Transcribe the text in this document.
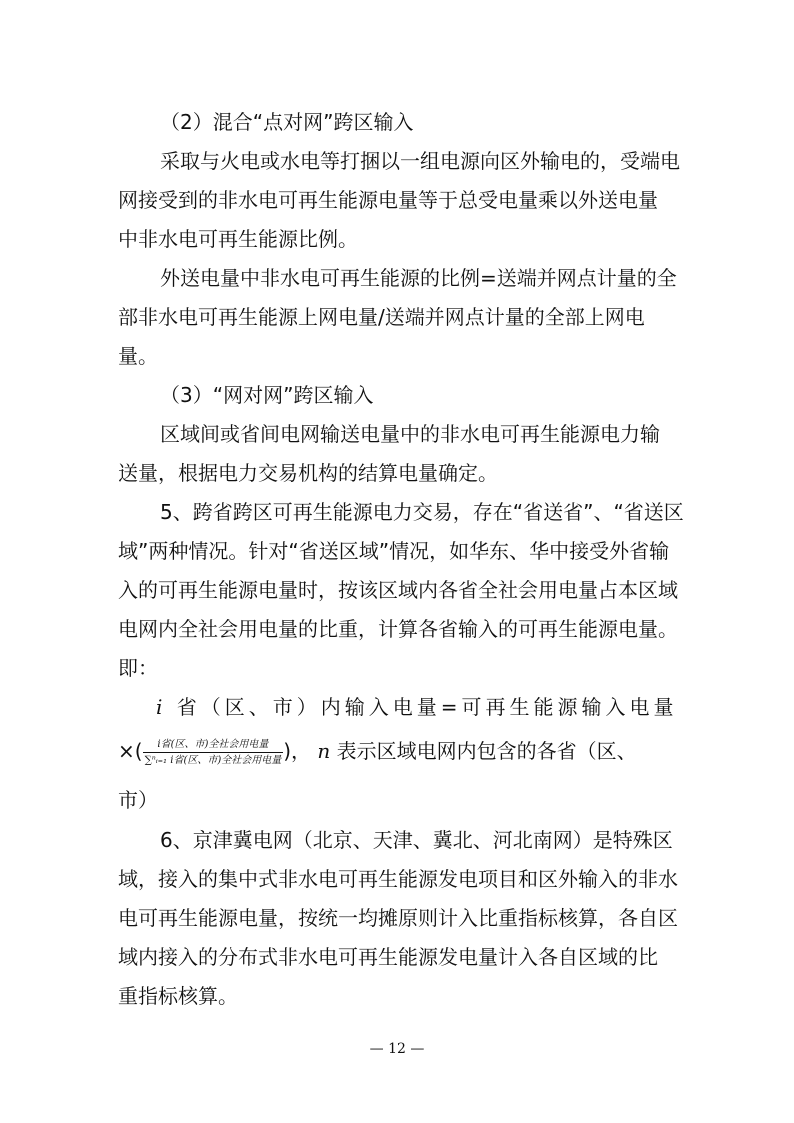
（2）混合“点对网”跨区输入
采取与火电或水电等打捆以一组电源向区外输电的，受端电
网接受到的非水电可再生能源电量等于总受电量乘以外送电量
中非水电可再生能源比例。
外送电量中非水电可再生能源的比例=送端并网点计量的全
部非水电可再生能源上网电量/送端并网点计量的全部上网电
量。
（3）“网对网”跨区输入
区域间或省间电网输送电量中的非水电可再生能源电力输
送量，根据电力交易机构的结算电量确定。
5、跨省跨区可再生能源电力交易，存在“省送省”、“省送区
域”两种情况。针对“省送区域”情况，如华东、华中接受外省输
入的可再生能源电量时，按该区域内各省全社会用电量占本区域
电网内全社会用电量的比重，计算各省输入的可再生能源电量。
即：
i 省（区、市）内输入电量=可再生能源输入电量
×( $\frac{\text{i省(区、市)全社会用电量}}{\text{∑ⁿᵢ₌₁ i省(区、市)全社会用电量}}$ )， n 表示区域电网内包含的各省（区、
市）
6、京津冀电网（北京、天津、冀北、河北南网）是特殊区
域，接入的集中式非水电可再生能源发电项目和区外输入的非水
电可再生能源电量，按统一均摊原则计入比重指标核算，各自区
域内接入的分布式非水电可再生能源发电量计入各自区域的比
重指标核算。
— 12 —
